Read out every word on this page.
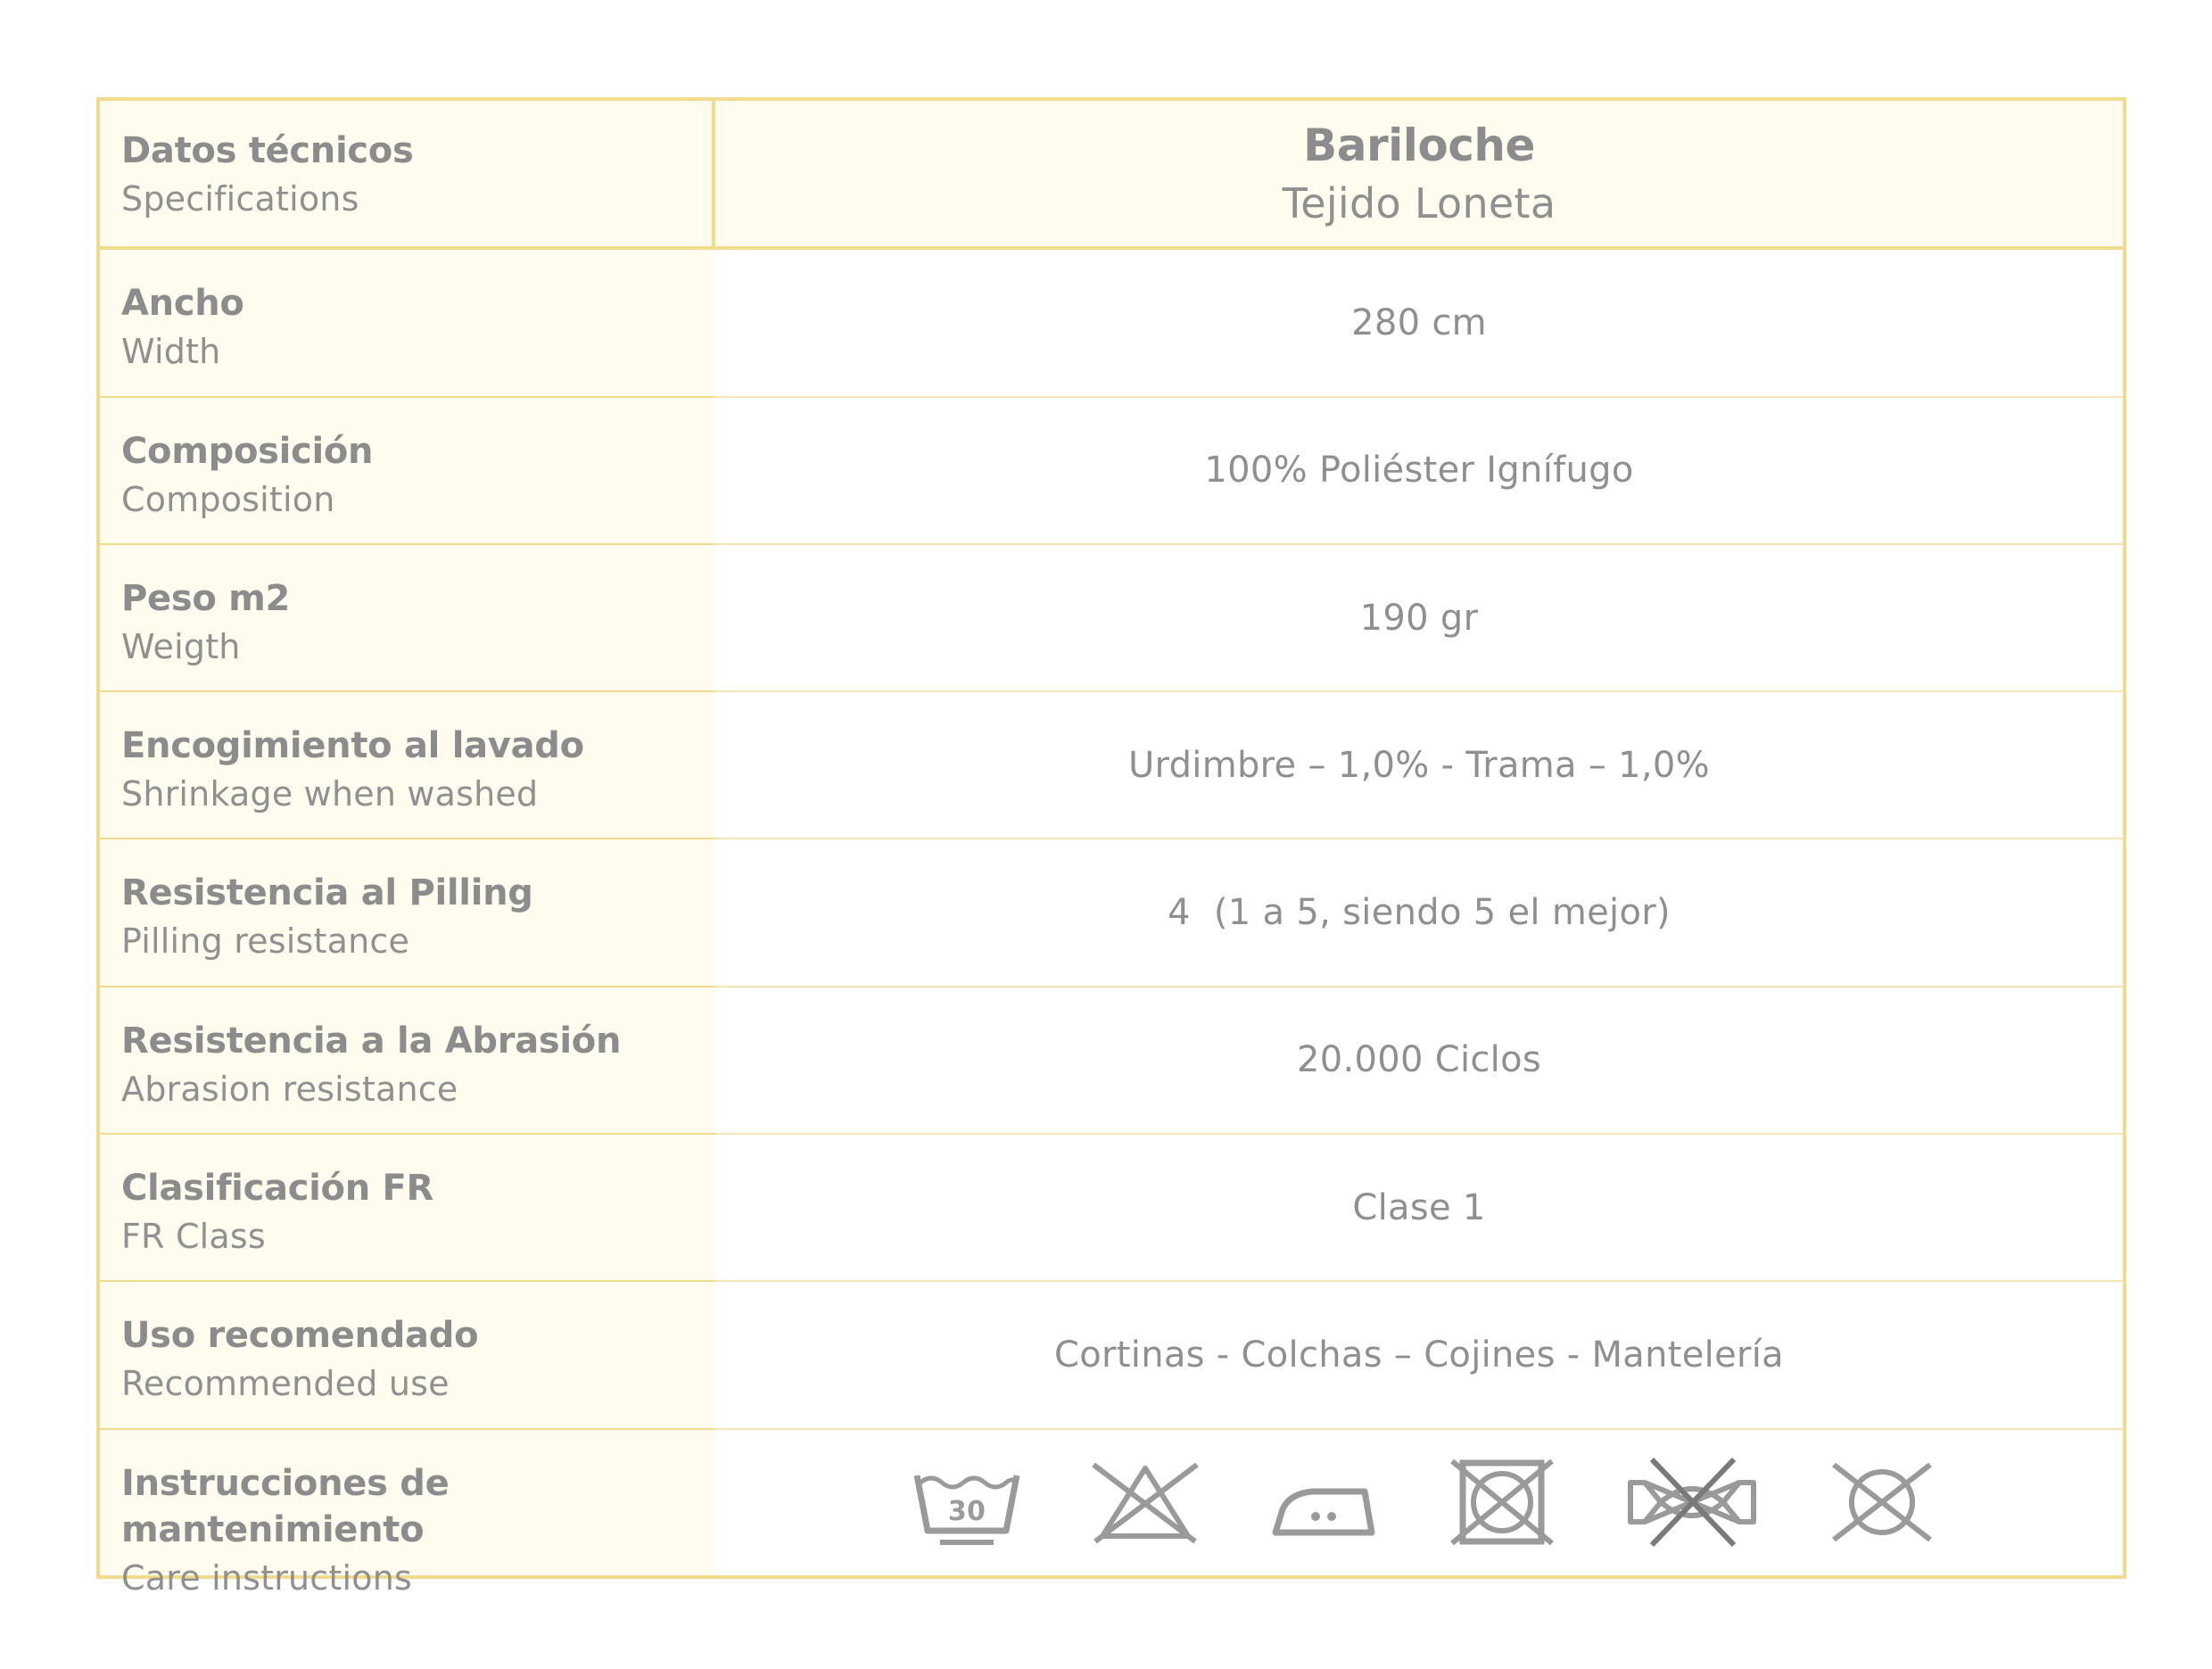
Datos técnicos
Specifications
Bariloche
Tejido Loneta
Ancho
Width
280 cm
Composición
Composition
100% Poliéster Ignífugo
Peso m2
Weigth
190 gr
Encogimiento al lavado
Shrinkage when washed
Urdimbre – 1,0% - Trama – 1,0%
Resistencia al Pilling
Pilling resistance
4  (1 a 5, siendo 5 el mejor)
Resistencia a la Abrasión
Abrasion resistance
20.000 Ciclos
Clasificación FR
FR Class
Clase 1
Uso recomendado
Recommended use
Cortinas - Colchas – Cojines - Mantelería
Instrucciones de mantenimiento
Care instructions
30
